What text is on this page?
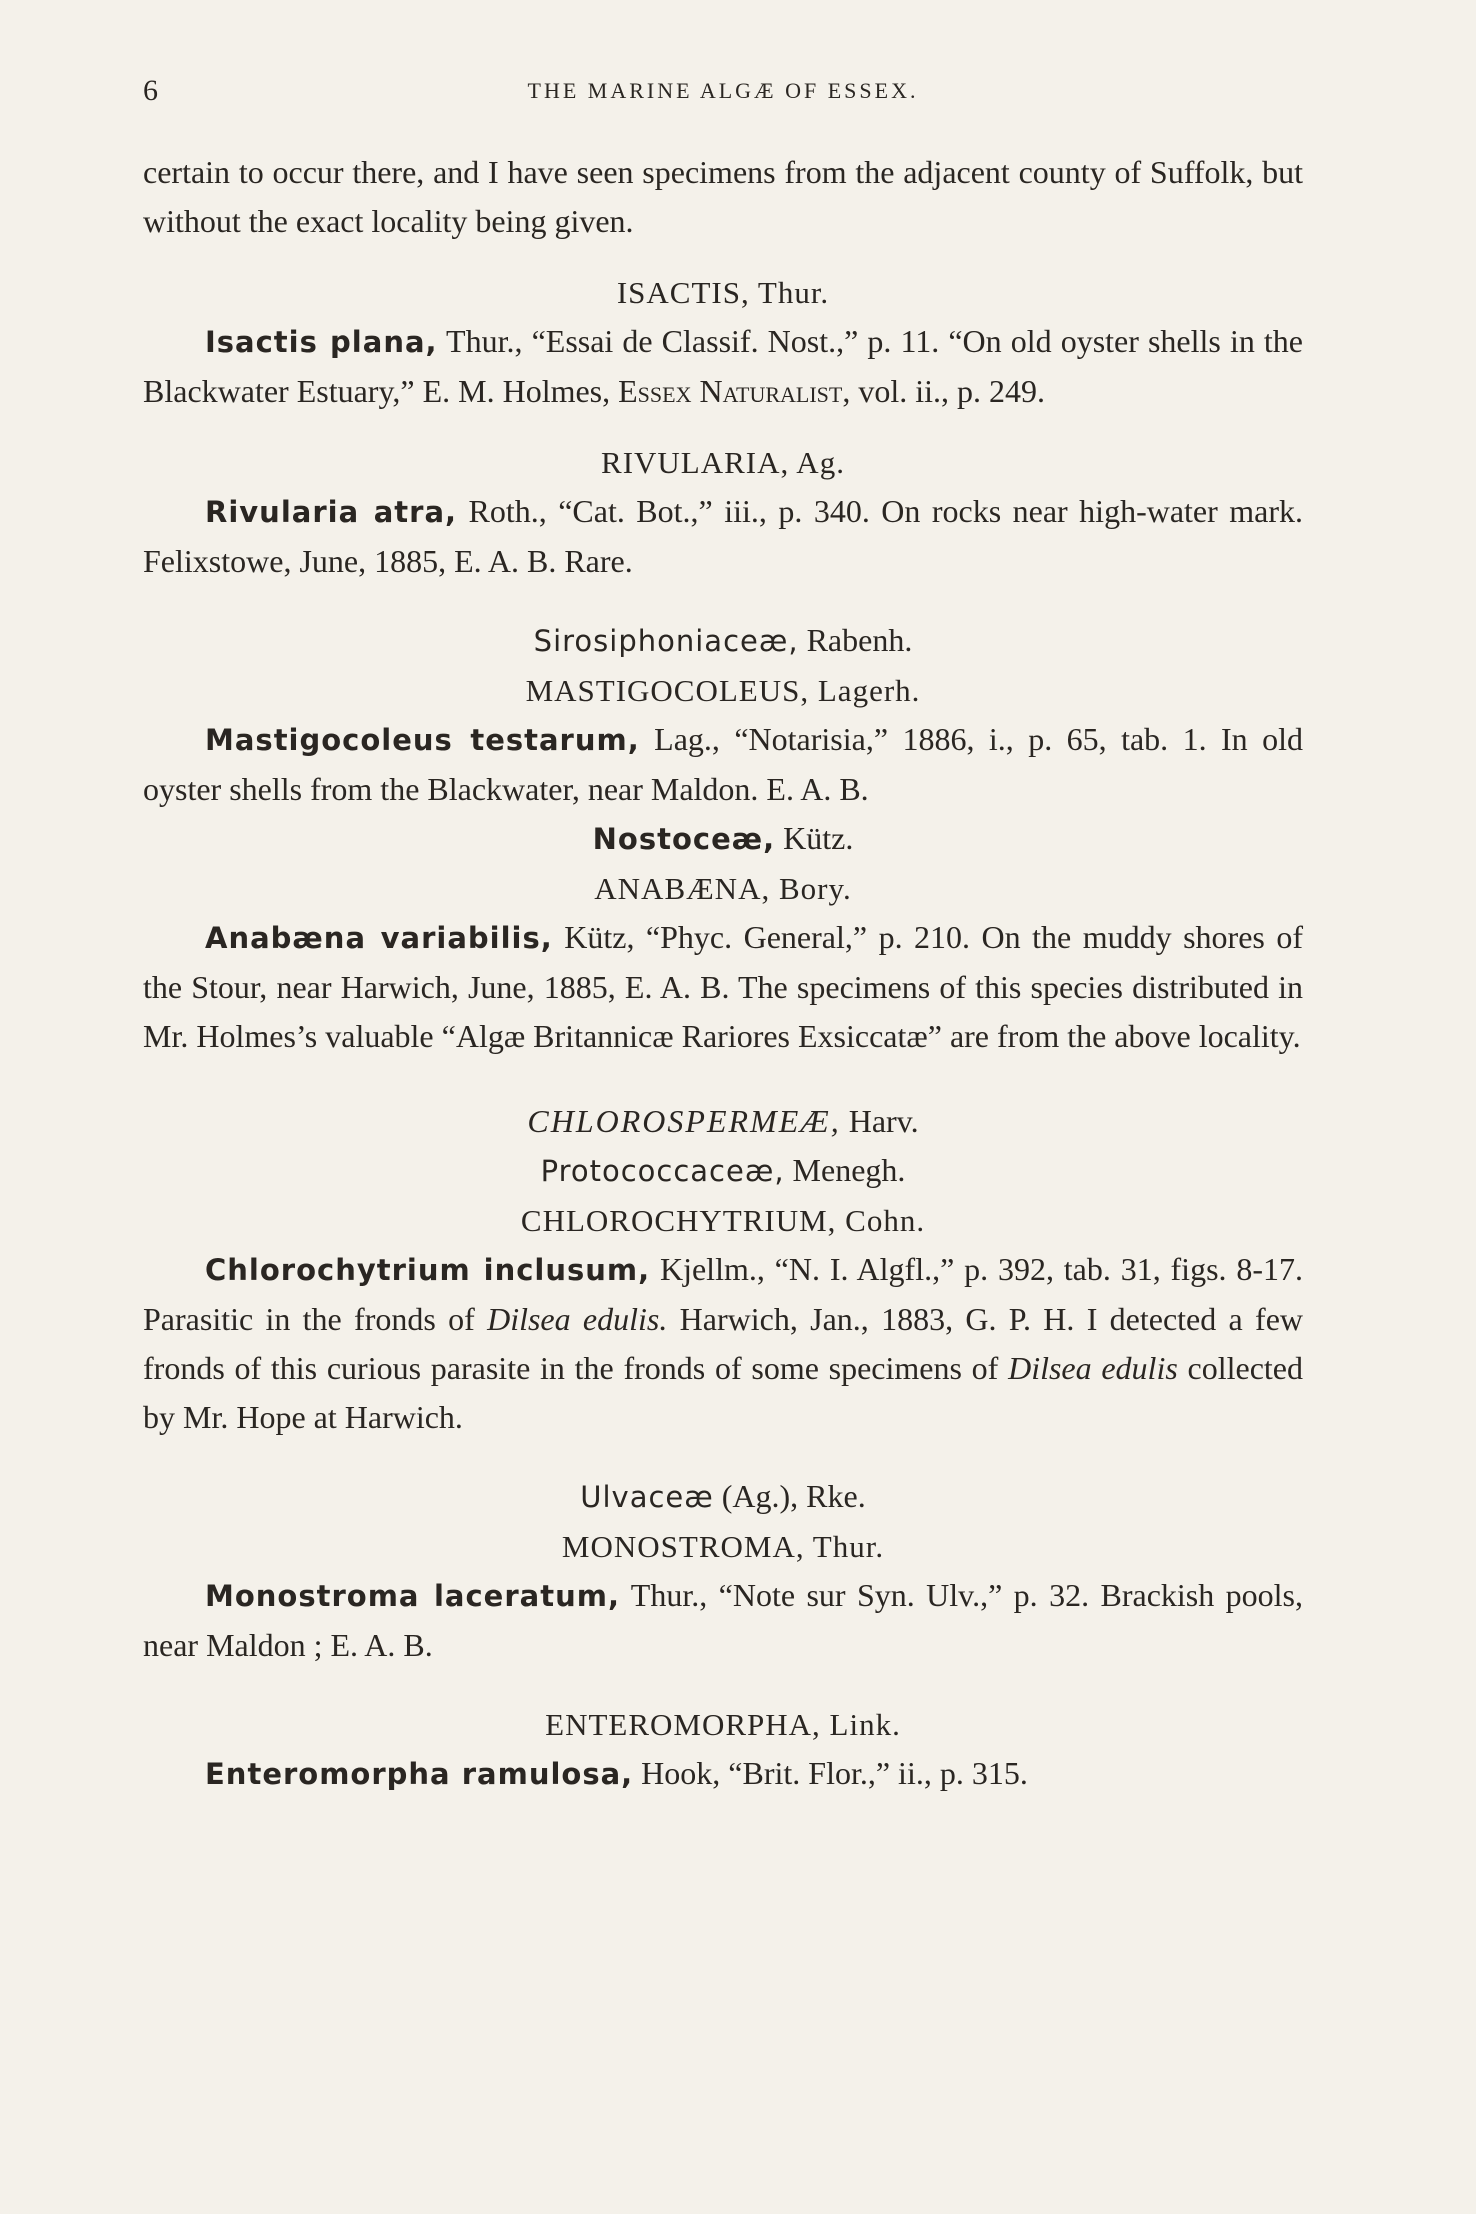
6	THE MARINE ALGÆ OF ESSEX.

certain to occur there, and I have seen specimens from the adjacent county of Suffolk, but without the exact locality being given.

ISACTIS, Thur.

Isactis plana, Thur., “Essai de Classif. Nost.,” p. 11. “On old oyster shells in the Blackwater Estuary,” E. M. Holmes, Essex Naturalist, vol. ii., p. 249.

RIVULARIA, Ag.

Rivularia atra, Roth., “Cat. Bot.,” iii., p. 340. On rocks near high-water mark. Felixstowe, June, 1885, E. A. B. Rare.

Sirosiphoniaceæ, Rabenh.
MASTIGOCOLEUS, Lagerh.

Mastigocoleus testarum, Lag., “Notarisia,” 1886, i., p. 65, tab. 1. In old oyster shells from the Blackwater, near Maldon. E. A. B.

Nostoceæ, Kütz.
ANABÆNA, Bory.

Anabæna variabilis, Kütz, “Phyc. General,” p. 210. On the muddy shores of the Stour, near Harwich, June, 1885, E. A. B. The specimens of this species distributed in Mr. Holmes’s valuable “Algæ Britannicæ Rariores Exsiccatæ” are from the above locality.

CHLOROSPERMEÆ, Harv.
Protococcaceæ, Menegh.
CHLOROCHYTRIUM, Cohn.

Chlorochytrium inclusum, Kjellm., “N. I. Algfl.,” p. 392, tab. 31, figs. 8-17. Parasitic in the fronds of Dilsea edulis. Harwich, Jan., 1883, G. P. H. I detected a few fronds of this curious parasite in the fronds of some specimens of Dilsea edulis collected by Mr. Hope at Harwich.

Ulvaceæ (Ag.), Rke.
MONOSTROMA, Thur.

Monostroma laceratum, Thur., “Note sur Syn. Ulv.,” p. 32. Brackish pools, near Maldon ; E. A. B.

ENTEROMORPHA, Link.

Enteromorpha ramulosa, Hook, “Brit. Flor.,” ii., p. 315.
